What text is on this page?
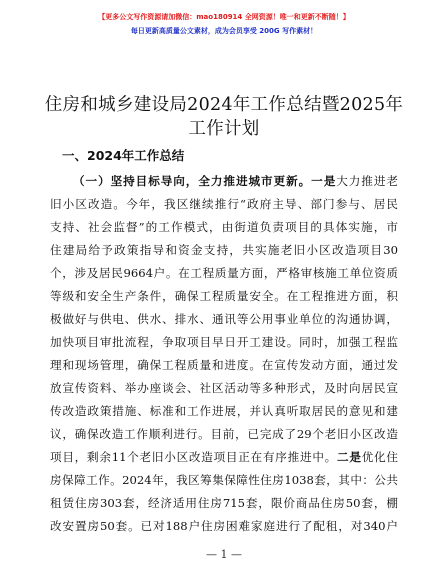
【更多公文写作资源请加微信：mao180914 全网资源！唯一和更新不断随！】
每日更新高质量公文素材，成为会员享受 200G 写作素材！
住房和城乡建设局2024年工作总结暨2025年工作计划
一、2024年工作总结
（一）坚持目标导向，全力推进城市更新。一是大力推进老
旧小区改造。今年，我区继续推行“政府主导、部门参与、居民
支持、社会监督”的工作模式，由街道负责项目的具体实施，市
住建局给予政策指导和资金支持，共实施老旧小区改造项目30
个，涉及居民9664户。在工程质量方面，严格审核施工单位资质
等级和安全生产条件，确保工程质量安全。在工程推进方面，积
极做好与供电、供水、排水、通讯等公用事业单位的沟通协调，
加快项目审批流程，争取项目早日开工建设。同时，加强工程监
理和现场管理，确保工程质量和进度。在宣传发动方面，通过发
放宣传资料、举办座谈会、社区活动等多种形式，及时向居民宣
传改造政策措施、标准和工作进展，并认真听取居民的意见和建
议，确保改造工作顺利进行。目前，已完成了29个老旧小区改造
项目，剩余11个老旧小区改造项目正在有序推进中。二是优化住
房保障工作。2024年，我区筹集保障性住房1038套，其中：公共
租赁住房303套，经济适用住房715套，限价商品住房50套，棚
改安置房50套。已对188户住房困难家庭进行了配租，对340户
— 1 —
